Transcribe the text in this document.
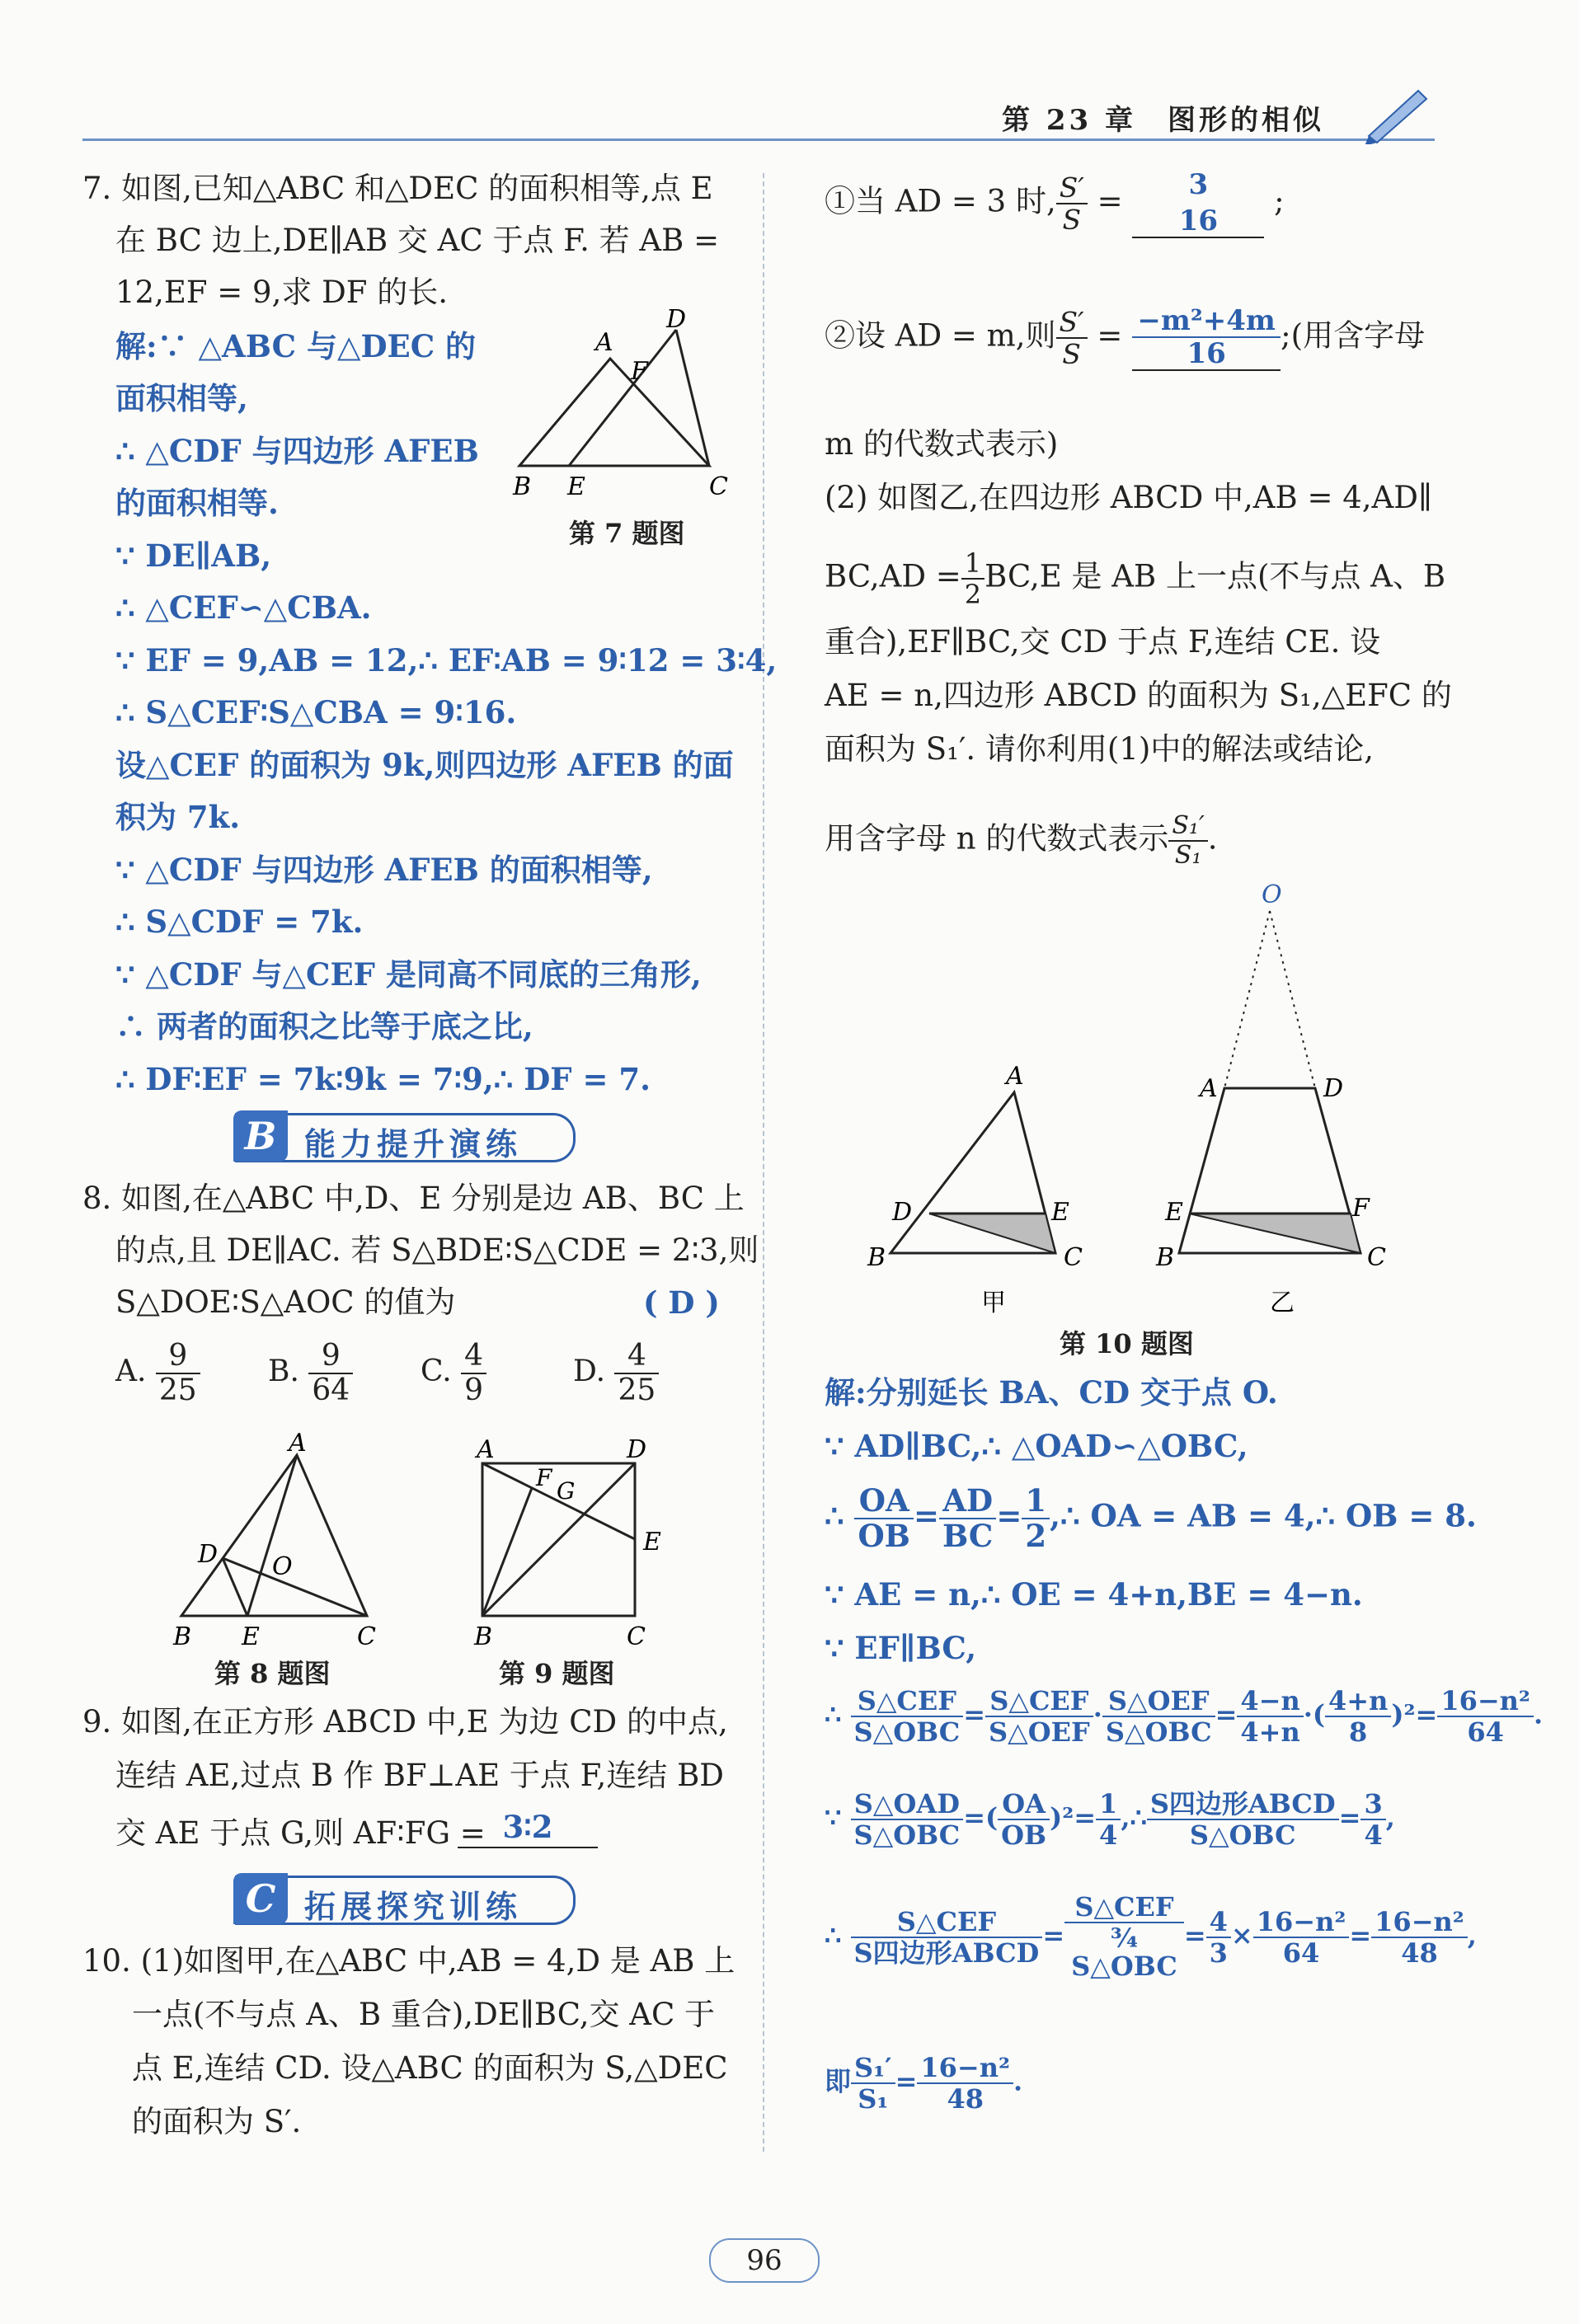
第 23 章　图形的相似
7. 如图,已知△ABC 和△DEC 的面积相等,点 E
在 BC 边上,DE∥AB 交 AC 于点 F. 若 AB =
12,EF = 9,求 DF 的长.
解:∵ △ABC 与△DEC 的
面积相等,
∴ △CDF 与四边形 AFEB
的面积相等.
∵ DE∥AB,
∴ △CEF∽△CBA.
∵ EF = 9,AB = 12,∴ EF∶AB = 9∶12 = 3∶4,
∴ S△CEF∶S△CBA = 9∶16.
设△CEF 的面积为 9k,则四边形 AFEB 的面
积为 7k.
∵ △CDF 与四边形 AFEB 的面积相等,
∴ S△CDF = 7k.
∵ △CDF 与△CEF 是同高不同底的三角形,
∴ 两者的面积之比等于底之比,
∴ DF∶EF = 7k∶9k = 7∶9,∴ DF = 7.
A
D
F
B E	C
第 7 题图
B 能力提升演练
8. 如图,在△ABC 中,D、E 分别是边 AB、BC 上
的点,且 DE∥AC. 若 S△BDE∶S△CDE = 2∶3,则
S△DOE∶S△AOC 的值为	( D )
A. $\frac{9}{25} B$. $\frac{9}{64} C$. $\frac{4}{9}$	D. $\frac{4}{25}$
A
D O
B E	C
第 8 题图
A	D
F G
E
B	C
第 9 题图
9. 如图,在正方形 ABCD 中,E 为边 CD 的中点,
连结 AE,过点 B 作 BF⊥AE 于点 F,连结 BD
交 AE 于点 G,则 AF∶FG = 3∶2
C 拓展探究训练
10. (1)如图甲,在△ABC 中,AB = 4,D 是 AB 上
一点(不与点 A、B 重合),DE∥BC,交 AC 于
点 E,连结 CD. 设△ABC 的面积为 S,△DEC
的面积为 S′.
①当 AD = 3 时, $\frac{S'}{S}$ =	3
16
;
②设 AD = m,则 $\frac{S'}{S} = \frac{\text{−m²+4m}}{16}$ ;(用含字母
m 的代数式表示)
(2) 如图乙,在四边形 ABCD 中,AB = 4,AD∥
$BC,AD = \frac{1}{2} BC,E$ 是 AB 上一点(不与点 A、B
重合),EF∥BC,交 CD 于点 F,连结 CE. 设
AE = n,四边形 ABCD 的面积为 S₁,△EFC 的
面积为 S₁′. 请你利用(1)中的解法或结论,
用含字母 n 的代数式表示 $\frac{\text{S₁′}}{\text{S₁}}$ .
A
D	E
B	C
甲
O
A	D
E	F
B	C
乙
第 10 题图
解:分别延长 BA、CD 交于点 O.
∵ AD∥BC,∴ △OAD∽△OBC,
∴ $\frac{OA}{OB} = \frac{AD}{BC} = \frac{1}{2}$ ,∴ OA = AB = 4,∴ OB = 8.
∵ AE = n,∴ OE = 4+n,BE = 4−n.
∵ EF∥BC,
∴ $\frac{\text{S△CEF}}{\text{S△OBC}} = \frac{\text{S△CEF}}{\text{S△OEF}} \cdot \frac{\text{S△OEF}}{\text{S△OBC}} = \frac{4-n}{4+n}$ ·( $\frac{4+n}{8} )^2= \frac{\text{16−n²}}{64}$ .
∵ $\frac{\text{S△OAD}}{\text{S△OBC}}$ =( $\frac{OA}{OB} )^2= \frac{1}{4}$ ,∴ $\frac{\text{S四边形ABCD}}{\text{S△OBC}} = \frac{3}{4}$ ,
∴ $\frac{\text{S△CEF}}{\text{S四边形ABCD}}$ = S△CEF
¾
S△OBC = $\frac{4}{3} \times \frac{\text{16−n²}}{64} = \frac{\text{16−n²}}{48}$ ,
即 $\frac{\text{S₁′}}{\text{S₁}} = \frac{\text{16−n²}}{48}$ .
96
